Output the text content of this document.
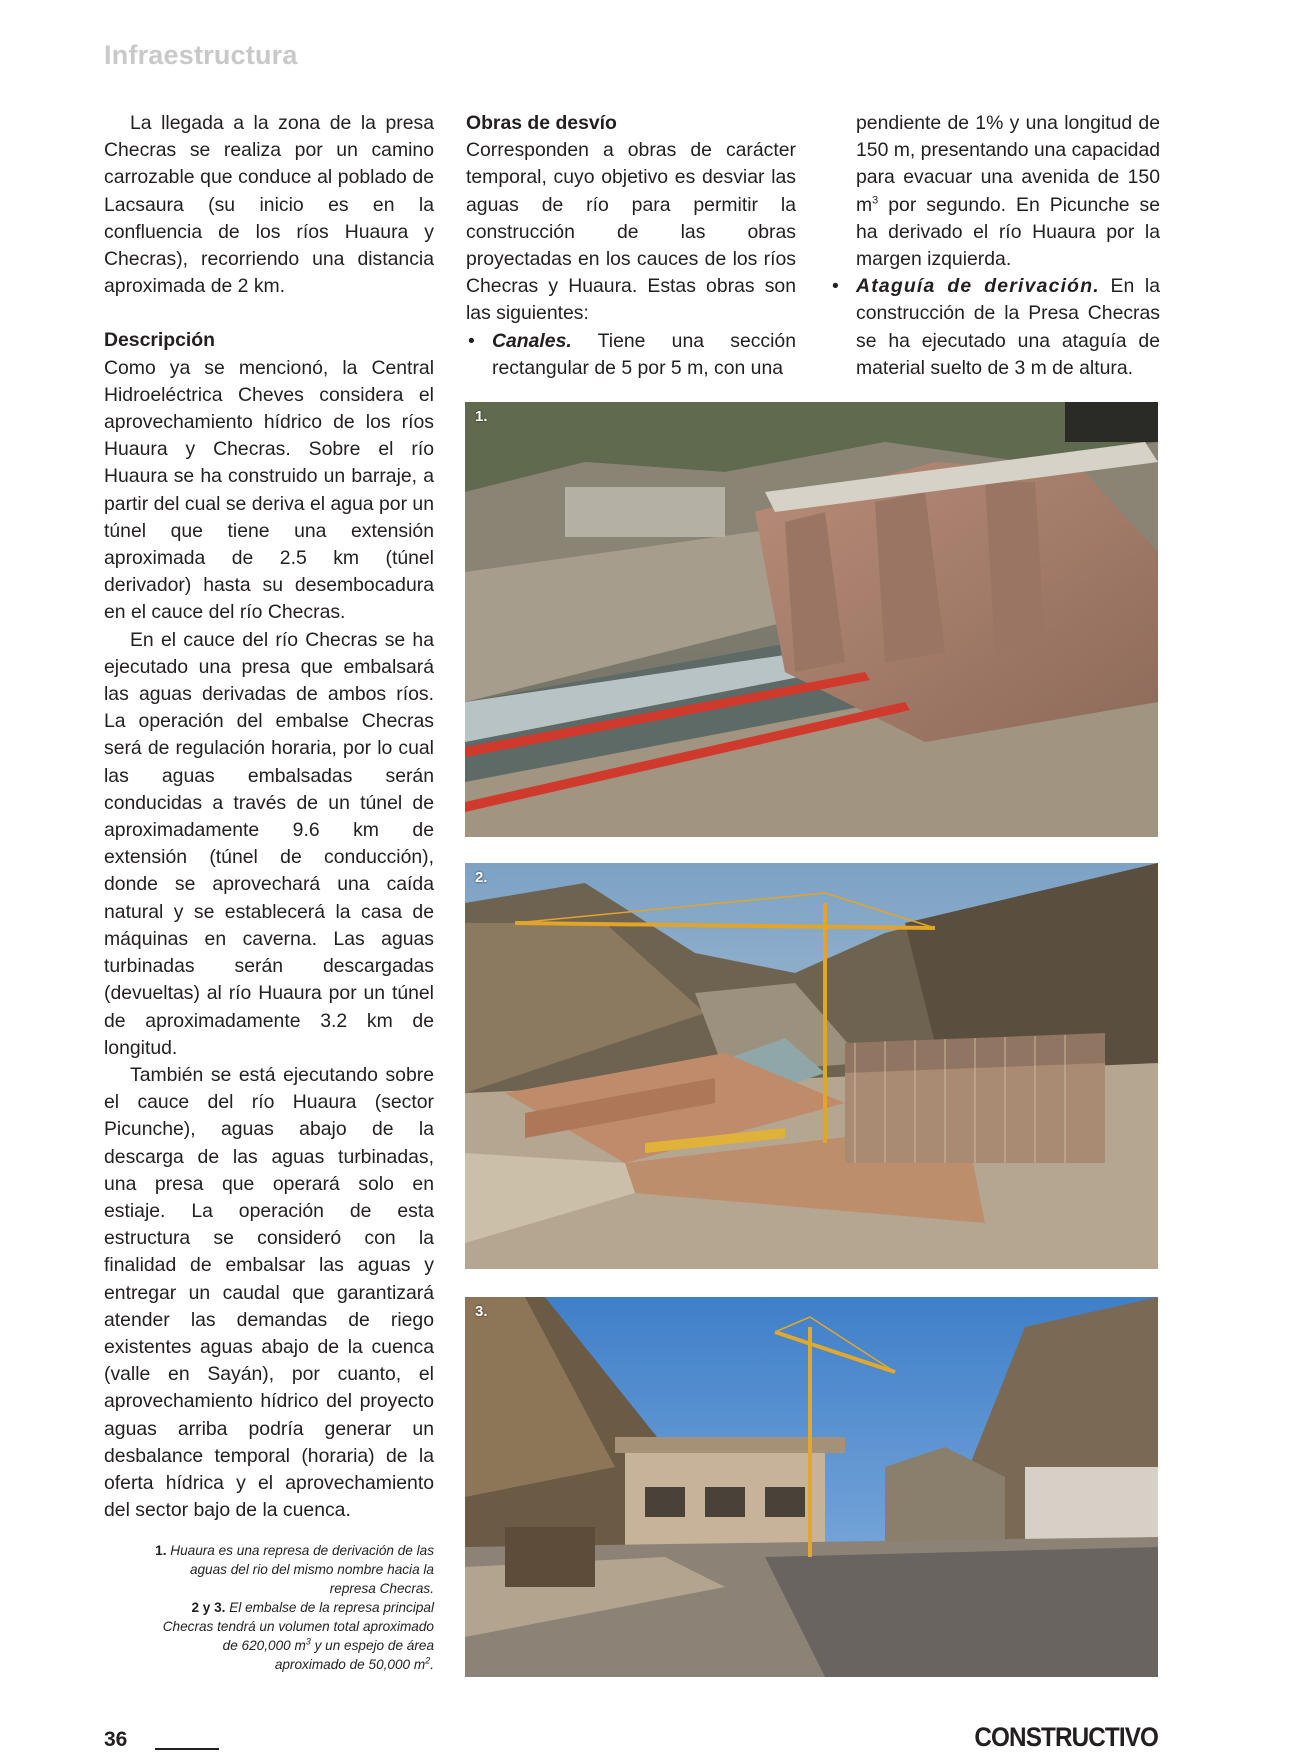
Infraestructura

La llegada a la zona de la presa Checras se realiza por un camino carrozable que conduce al poblado de Lacsaura (su inicio es en la confluencia de los ríos Huaura y Checras), recorriendo una distancia aproximada de 2 km.

Descripción

Como ya se mencionó, la Central Hidroeléctrica Cheves considera el aprovechamiento hídrico de los ríos Huaura y Checras. Sobre el río Huaura se ha construido un barraje, a partir del cual se deriva el agua por un túnel que tiene una extensión aproximada de 2.5 km (túnel derivador) hasta su desembocadura en el cauce del río Checras.

En el cauce del río Checras se ha ejecutado una presa que embalsará las aguas derivadas de ambos ríos. La operación del embalse Checras será de regulación horaria, por lo cual las aguas embalsadas serán conducidas a través de un túnel de aproximadamente 9.6 km de extensión (túnel de conducción), donde se aprovechará una caída natural y se establecerá la casa de máquinas en caverna. Las aguas turbinadas serán descargadas (devueltas) al río Huaura por un túnel de aproximadamente 3.2 km de longitud.

También se está ejecutando sobre el cauce del río Huaura (sector Picunche), aguas abajo de la descarga de las aguas turbinadas, una presa que operará solo en estiaje. La operación de esta estructura se consideró con la finalidad de embalsar las aguas y entregar un caudal que garantizará atender las demandas de riego existentes aguas abajo de la cuenca (valle en Sayán), por cuanto, el aprovechamiento hídrico del proyecto aguas arriba podría generar un desbalance temporal (horaria) de la oferta hídrica y el aprovechamiento del sector bajo de la cuenca.

Obras de desvío

Corresponden a obras de carácter temporal, cuyo objetivo es desviar las aguas de río para permitir la construcción de las obras proyectadas en los cauces de los ríos Checras y Huaura. Estas obras son las siguientes:

• Canales. Tiene una sección rectangular de 5 por 5 m, con una
pendiente de 1% y una longitud de 150 m, presentando una capacidad para evacuar una avenida de 150 $m^3$ por segundo. En Picunche se ha derivado el río Huaura por la margen izquierda.
• Ataguía de derivación. En la construcción de la Presa Checras se ha ejecutado una ataguía de material suelto de 3 m de altura.
1.
2.
3.

1. Huaura es una represa de derivación de las aguas del rio del mismo nombre hacia la represa Checras.

2 y 3. El embalse de la represa principal Checras tendrá un volumen total aproximado de 620,000 $m^3$ y un espejo de área aproximado de 50,000 $m^2$.

36	CONSTRUCTIVO
